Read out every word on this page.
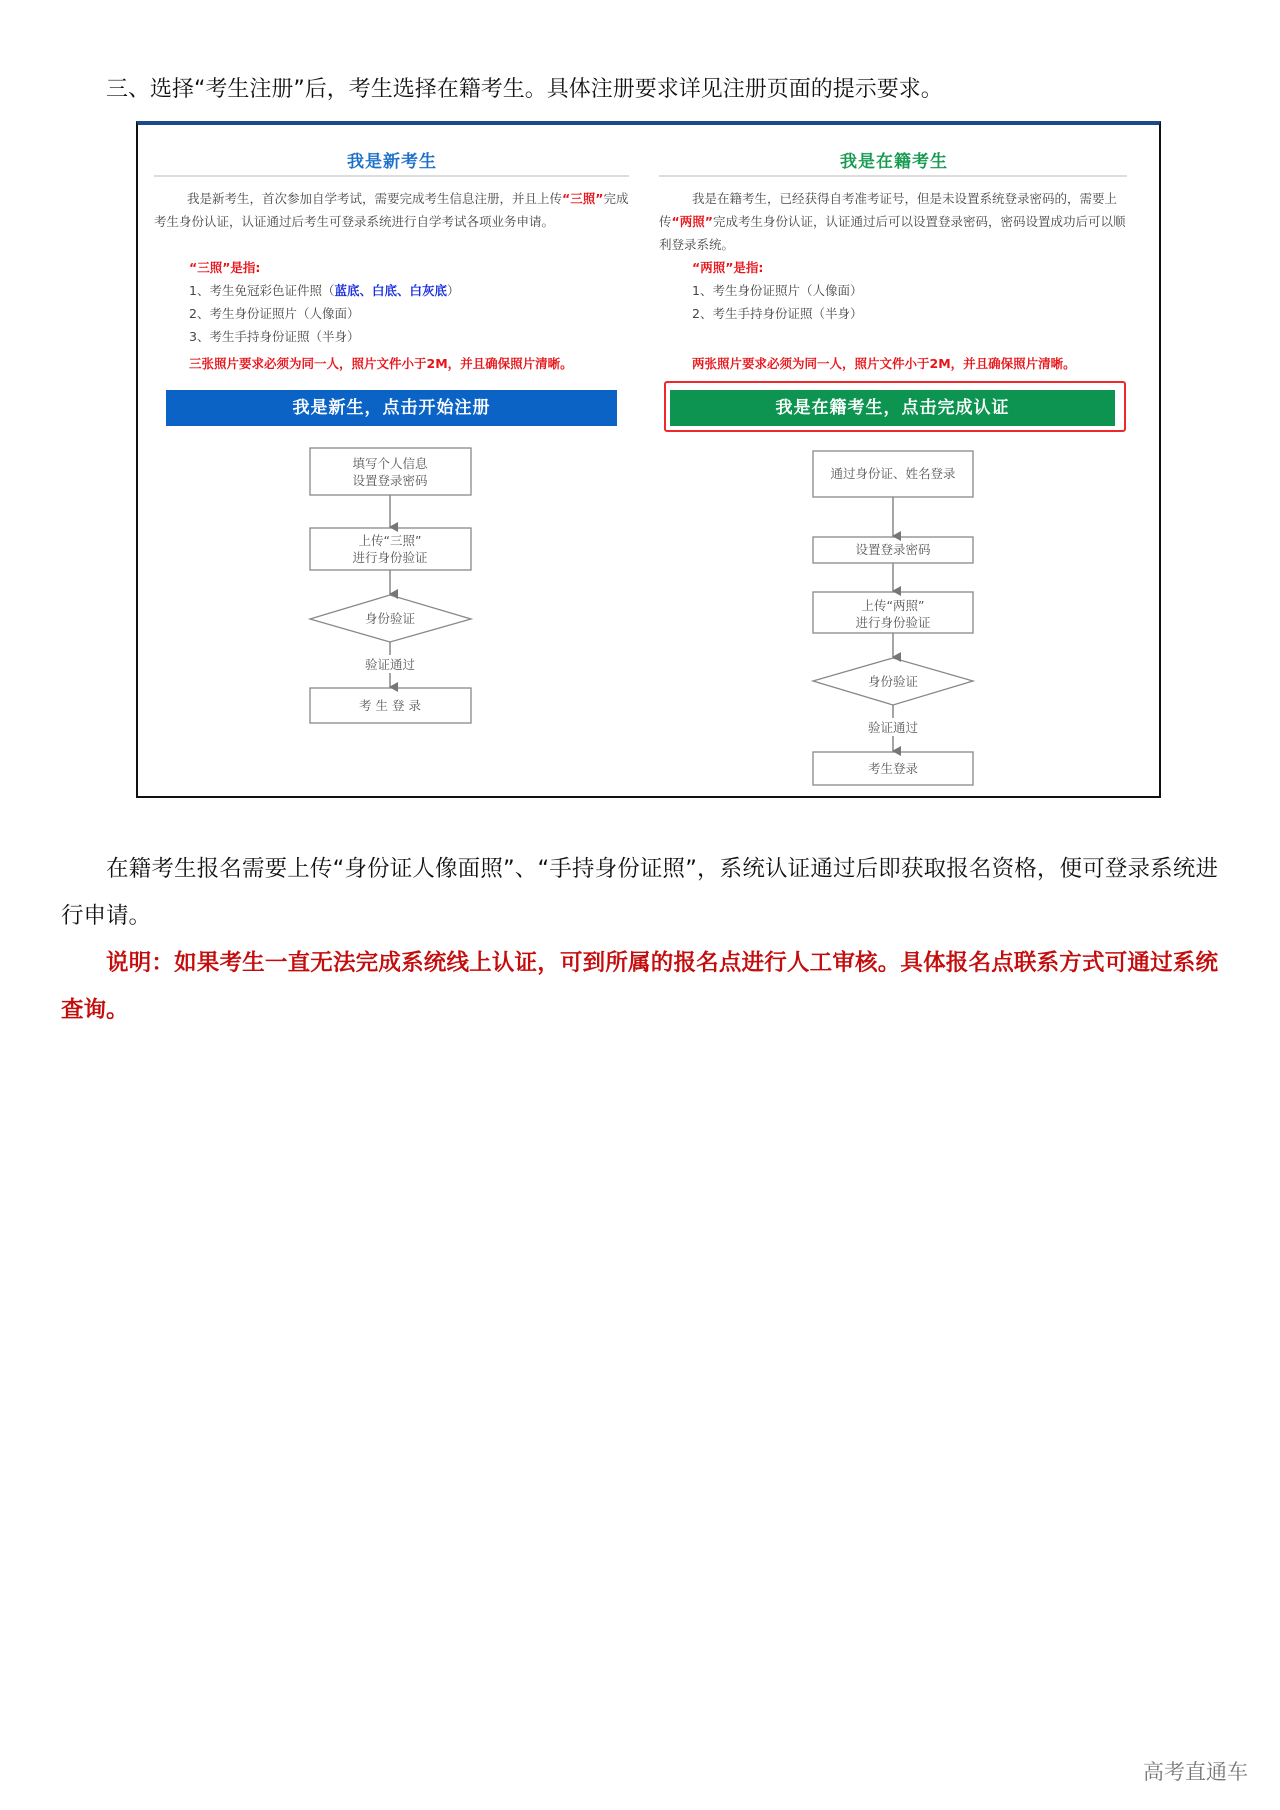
三、选择“考生注册”后，考生选择在籍考生。具体注册要求详见注册页面的提示要求。
我是新考生
我是新考生，首次参加自学考试，需要完成考生信息注册，并且上传“三照”完成考生身份认证，认证通过后考生可登录系统进行自学考试各项业务申请。
“三照”是指:
1、考生免冠彩色证件照（蓝底、白底、白灰底）
2、考生身份证照片（人像面）
3、考生手持身份证照（半身）
三张照片要求必须为同一人，照片文件小于2M，并且确保照片清晰。
我是新生，点击开始注册
我是在籍考生
我是在籍考生，已经获得自考准考证号，但是未设置系统登录密码的，需要上传“两照”完成考生身份认证，认证通过后可以设置登录密码，密码设置成功后可以顺利登录系统。
“两照”是指:
1、考生身份证照片（人像面）
2、考生手持身份证照（半身）
两张照片要求必须为同一人，照片文件小于2M，并且确保照片清晰。
我是在籍考生，点击完成认证
填写个人信息
设置登录密码
上传“三照”
进行身份验证
身份验证
验证通过
考 生 登 录
通过身份证、姓名登录
设置登录密码
上传“两照”
进行身份验证
身份验证
验证通过
考生登录
在籍考生报名需要上传“身份证人像面照”、“手持身份证照”，系统认证通过后即获取报名资格，便可登录系统进行申请。
说明：如果考生一直无法完成系统线上认证，可到所属的报名点进行人工审核。具体报名点联系方式可通过系统查询。
高考直通车
